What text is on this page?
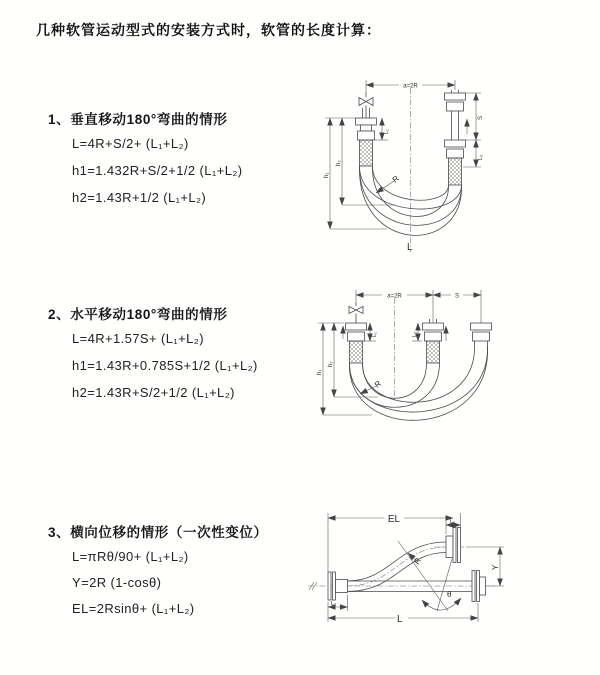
几种软管运动型式的安装方式时，软管的长度计算：
1、垂直移动180°弯曲的情形
L=4R+S/2+ (L₁+L₂)
h1=1.432R+S/2+1/2 (L₁+L₂)
h2=1.43R+1/2 (L₁+L₂)
2、水平移动180°弯曲的情形
L=4R+1.57S+ (L₁+L₂)
h1=1.43R+0.785S+1/2 (L₁+L₂)
h2=1.43R+S/2+1/2 (L₁+L₂)
3、横向位移的情形（一次性变位）
L=πRθ/90+ (L₁+L₂)
Y=2R (1-cosθ)
EL=2Rsinθ+ (L₁+L₂)
a=2R
h₁
h₂
L₁
S
L₂
R
L
a=2R	S
h₁
h₂
L₁	L₂
R
EL	L₁
Y
θ
R
L₂
L
